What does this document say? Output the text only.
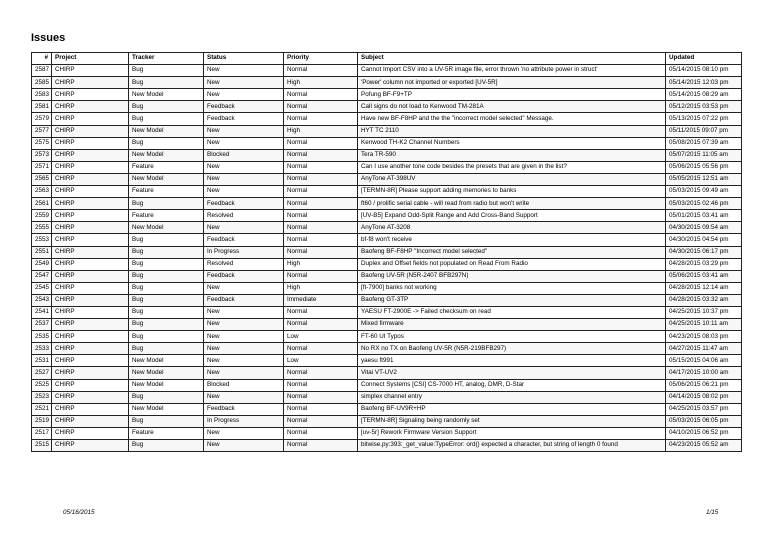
Issues
#	Project	Tracker	Status	Priority	Subject	Updated
2587	CHIRP	Bug	New	Normal	Cannot Import CSV into a UV-5R image file, error thrown 'no attribute power in struct'	05/14/2015 08:10 pm
2585	CHIRP	Bug	New	High	'Power' column not imported or exported [UV-5R]	05/14/2015 12:03 pm
2583	CHIRP	New Model	New	Normal	Pofung BF-F9+TP	05/14/2015 08:29 am
2581	CHIRP	Bug	Feedback	Normal	Call signs do not load to Kenwood TM-281A	05/12/2015 03:53 pm
2579	CHIRP	Bug	Feedback	Normal	Have new BF-F8HP and the the "incorrect model selected" Message.	05/13/2015 07:22 pm
2577	CHIRP	New Model	New	High	HYT TC 2110	05/11/2015 09:07 pm
2575	CHIRP	Bug	New	Normal	Kenwood TH-K2 Channel Numbers	05/08/2015 07:39 am
2573	CHIRP	New Model	Blocked	Normal	Tera TR-590	05/07/2015 11:05 am
2571	CHIRP	Feature	New	Normal	Can I use another tone code besides the presets that are given in the list?	05/06/2015 05:56 pm
2565	CHIRP	New Model	New	Normal	AnyTone AT-398UV	05/05/2015 12:51 am
2563	CHIRP	Feature	New	Normal	[TERMN-8R] Please support adding memories to banks	05/03/2015 09:49 am
2561	CHIRP	Bug	Feedback	Normal	ft60 / prolific serial cable - will read from radio but won't write	05/03/2015 02:46 pm
2559	CHIRP	Feature	Resolved	Normal	[UV-B5] Expand Odd-Split Range and Add Cross-Band Support	05/01/2015 03:41 am
2555	CHIRP	New Model	New	Normal	AnyTone AT-3208	04/30/2015 09:54 am
2553	CHIRP	Bug	Feedback	Normal	bf-f8 won't receive	04/30/2015 04:54 pm
2551	CHIRP	Bug	In Progress	Normal	Baofeng BF-F8HP "Incorrect model selected"	04/30/2015 06:17 pm
2549	CHIRP	Bug	Resolved	High	Duplex and Offset fields not populated on Read From Radio	04/28/2015 03:29 pm
2547	CHIRP	Bug	Feedback	Normal	Baofeng UV-5R (N5R-2407 BFB297N)	05/06/2015 03:41 am
2545	CHIRP	Bug	New	High	[ft-7900] banks not working	04/28/2015 12:14 am
2543	CHIRP	Bug	Feedback	Immediate	Baofeng GT-3TP	04/28/2015 03:32 am
2541	CHIRP	Bug	New	Normal	YAESU FT-2900E -> Failed checksum on read	04/25/2015 10:37 pm
2537	CHIRP	Bug	New	Normal	Mixed firmware	04/25/2015 10:11 am
2535	CHIRP	Bug	New	Low	FT-60 UI Typos	04/23/2015 08:03 pm
2533	CHIRP	Bug	New	Normal	No RX no TX on Baofeng UV-5R (N5R-219BFB297)	04/27/2015 11:47 am
2531	CHIRP	New Model	New	Low	yaesu ft991	05/15/2015 04:06 am
2527	CHIRP	New Model	New	Normal	Vitai VT-UV2	04/17/2015 10:00 am
2525	CHIRP	New Model	Blocked	Normal	Connect Systems [CSI] CS-7000 HT, analog, DMR, D-Star	05/06/2015 06:21 pm
2523	CHIRP	Bug	New	Normal	simplex channel entry	04/14/2015 08:02 pm
2521	CHIRP	New Model	Feedback	Normal	Baofeng BF-UV9R+HP	04/25/2015 03:57 pm
2519	CHIRP	Bug	In Progress	Normal	[TERMN-8R] Signaling being randomly set	05/03/2015 06:05 pm
2517	CHIRP	Feature	New	Normal	[uv-5r] Rework Firmware Version Support	04/10/2015 06:52 pm
2515	CHIRP	Bug	New	Normal	bitwise.py:393:_get_value:TypeError: ord() expected a character, but string of length 0 found	04/23/2015 05:52 am
05/16/2015	1/15
